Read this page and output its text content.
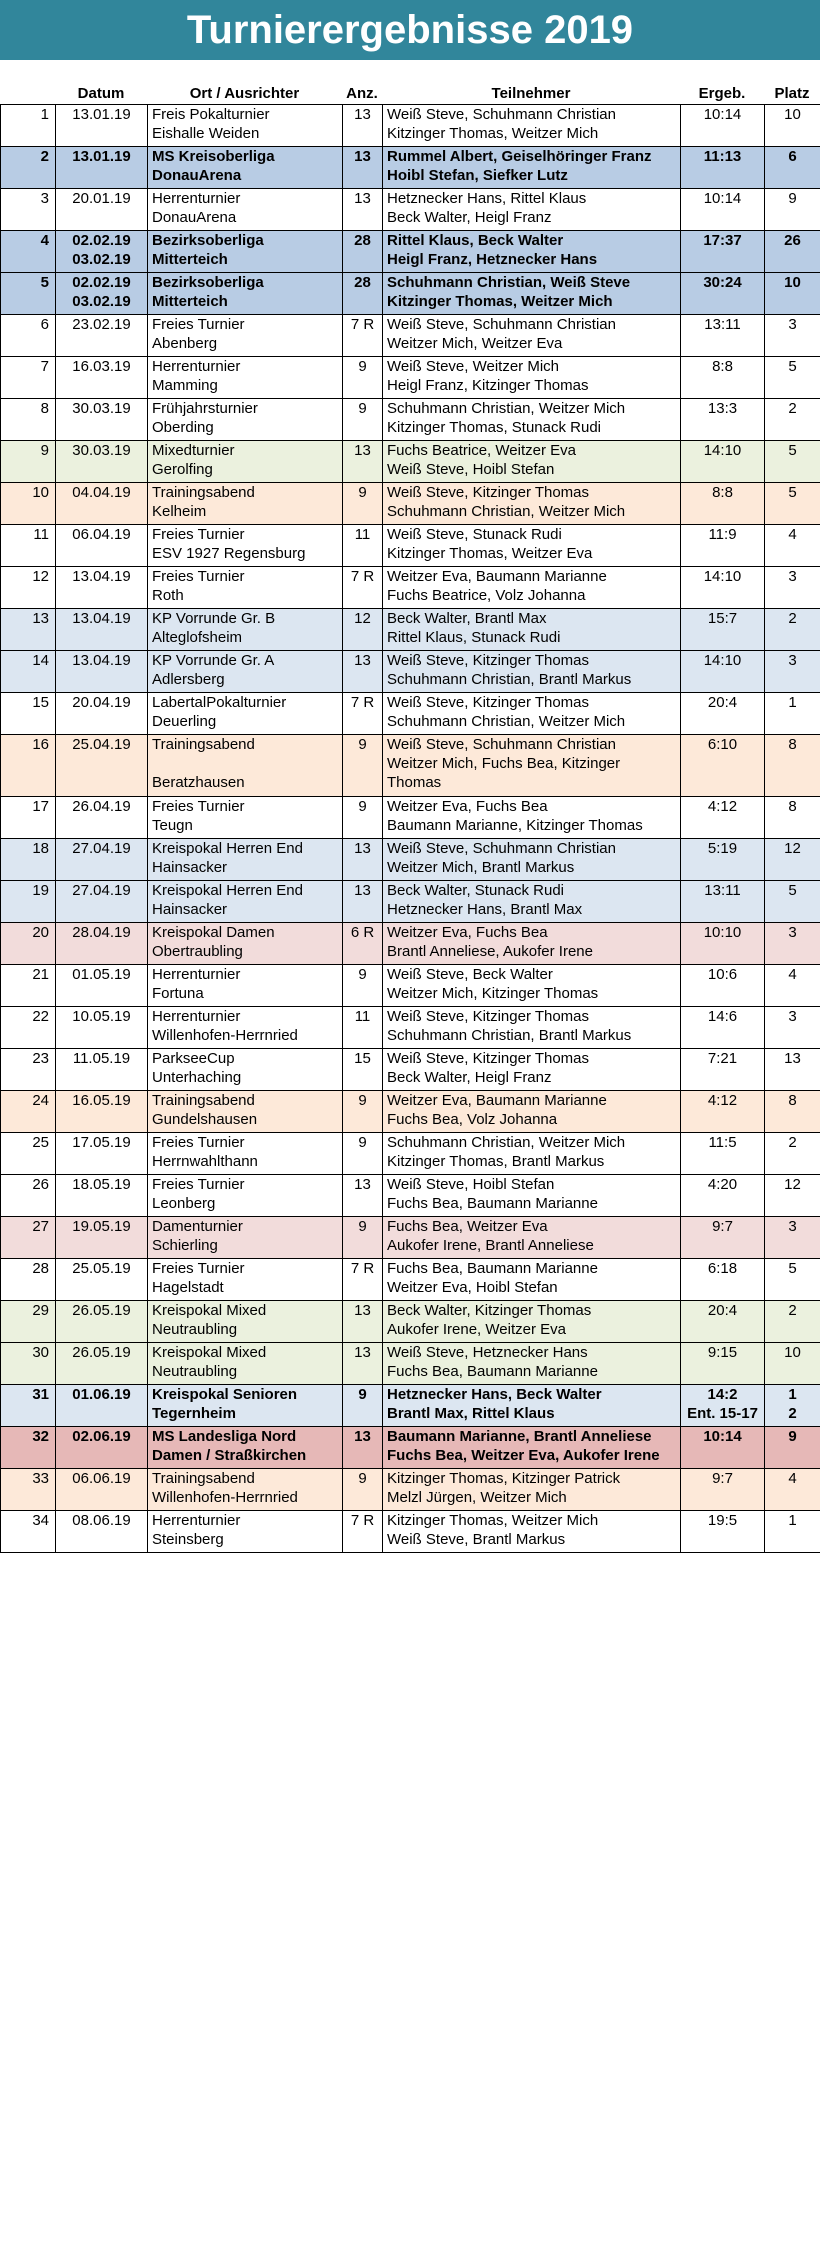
Turnierergebnisse 2019
Datum	Ort / Ausrichter	Anz.	Teilnehmer	Ergeb.	Platz
1	13.01.19	Freis Pokalturnier
Eishalle Weiden	13	Weiß Steve, Schuhmann Christian
Kitzinger Thomas, Weitzer Mich	10:14	10

2	13.01.19	MS Kreisoberliga
DonauArena	13	Rummel Albert, Geiselhöringer Franz
Hoibl Stefan, Siefker Lutz	11:13	6

3	20.01.19	Herrenturnier
DonauArena	13	Hetznecker Hans, Rittel Klaus
Beck Walter, Heigl Franz	10:14	9

4	02.02.19
03.02.19	Bezirksoberliga
Mitterteich	28	Rittel Klaus, Beck Walter
Heigl Franz, Hetznecker Hans	17:37	26

5	02.02.19
03.02.19	Bezirksoberliga
Mitterteich	28	Schuhmann Christian, Weiß Steve
Kitzinger Thomas, Weitzer Mich	30:24	10

6	23.02.19	Freies Turnier
Abenberg	7 R	Weiß Steve, Schuhmann Christian
Weitzer Mich, Weitzer Eva	13:11	3

7	16.03.19	Herrenturnier
Mamming	9	Weiß Steve, Weitzer Mich
Heigl Franz, Kitzinger Thomas	8:8	5

8	30.03.19	Frühjahrsturnier
Oberding	9	Schuhmann Christian, Weitzer Mich
Kitzinger Thomas, Stunack Rudi	13:3	2

9	30.03.19	Mixedturnier
Gerolfing	13	Fuchs Beatrice, Weitzer Eva
Weiß Steve, Hoibl Stefan	14:10	5

10	04.04.19	Trainingsabend
Kelheim	9	Weiß Steve, Kitzinger Thomas
Schuhmann Christian, Weitzer Mich	8:8	5

11	06.04.19	Freies Turnier
ESV 1927 Regensburg	11	Weiß Steve, Stunack Rudi
Kitzinger Thomas, Weitzer Eva	11:9	4

12	13.04.19	Freies Turnier
Roth	7 R	Weitzer Eva, Baumann Marianne
Fuchs Beatrice, Volz Johanna	14:10	3

13	13.04.19	KP Vorrunde Gr. B
Alteglofsheim	12	Beck Walter, Brantl Max
Rittel Klaus, Stunack Rudi	15:7	2

14	13.04.19	KP Vorrunde Gr. A
Adlersberg	13	Weiß Steve, Kitzinger Thomas
Schuhmann Christian, Brantl Markus	14:10	3

15	20.04.19	LabertalPokalturnier
Deuerling	7 R	Weiß Steve, Kitzinger Thomas
Schuhmann Christian, Weitzer Mich	20:4	1

16	25.04.19	Trainingsabend

Beratzhausen	9	Weiß Steve, Schuhmann Christian
Weitzer Mich, Fuchs Bea, Kitzinger
Thomas	6:10	8

17	26.04.19	Freies Turnier
Teugn	9	Weitzer Eva, Fuchs Bea
Baumann Marianne, Kitzinger Thomas	4:12	8

18	27.04.19	Kreispokal Herren End
Hainsacker	13	Weiß Steve, Schuhmann Christian
Weitzer Mich, Brantl Markus	5:19	12

19	27.04.19	Kreispokal Herren End
Hainsacker	13	Beck Walter, Stunack Rudi
Hetznecker Hans, Brantl Max	13:11	5

20	28.04.19	Kreispokal Damen
Obertraubling	6 R	Weitzer Eva, Fuchs Bea
Brantl Anneliese, Aukofer Irene	10:10	3

21	01.05.19	Herrenturnier
Fortuna	9	Weiß Steve, Beck Walter
Weitzer Mich, Kitzinger Thomas	10:6	4

22	10.05.19	Herrenturnier
Willenhofen-Herrnried	11	Weiß Steve, Kitzinger Thomas
Schuhmann Christian, Brantl Markus	14:6	3

23	11.05.19	ParkseeCup
Unterhaching	15	Weiß Steve, Kitzinger Thomas
Beck Walter, Heigl Franz	7:21	13

24	16.05.19	Trainingsabend
Gundelshausen	9	Weitzer Eva, Baumann Marianne
Fuchs Bea, Volz Johanna	4:12	8

25	17.05.19	Freies Turnier
Herrnwahlthann	9	Schuhmann Christian, Weitzer Mich
Kitzinger Thomas, Brantl Markus	11:5	2

26	18.05.19	Freies Turnier
Leonberg	13	Weiß Steve, Hoibl Stefan
Fuchs Bea, Baumann Marianne	4:20	12

27	19.05.19	Damenturnier
Schierling	9	Fuchs Bea, Weitzer Eva
Aukofer Irene, Brantl Anneliese	9:7	3

28	25.05.19	Freies Turnier
Hagelstadt	7 R	Fuchs Bea, Baumann Marianne
Weitzer Eva, Hoibl Stefan	6:18	5

29	26.05.19	Kreispokal Mixed
Neutraubling	13	Beck Walter, Kitzinger Thomas
Aukofer Irene, Weitzer Eva	20:4	2

30	26.05.19	Kreispokal Mixed
Neutraubling	13	Weiß Steve, Hetznecker Hans
Fuchs Bea, Baumann Marianne	9:15	10

31	01.06.19	Kreispokal Senioren
Tegernheim	9	Hetznecker Hans, Beck Walter
Brantl Max, Rittel Klaus	14:2
Ent. 15-17	1
2

32	02.06.19	MS Landesliga Nord
Damen / Straßkirchen	13	Baumann Marianne, Brantl Anneliese
Fuchs Bea, Weitzer Eva, Aukofer Irene	10:14	9

33	06.06.19	Trainingsabend
Willenhofen-Herrnried	9	Kitzinger Thomas, Kitzinger Patrick
Melzl Jürgen, Weitzer Mich	9:7	4

34	08.06.19	Herrenturnier
Steinsberg	7 R	Kitzinger Thomas, Weitzer Mich
Weiß Steve, Brantl Markus	19:5	1
